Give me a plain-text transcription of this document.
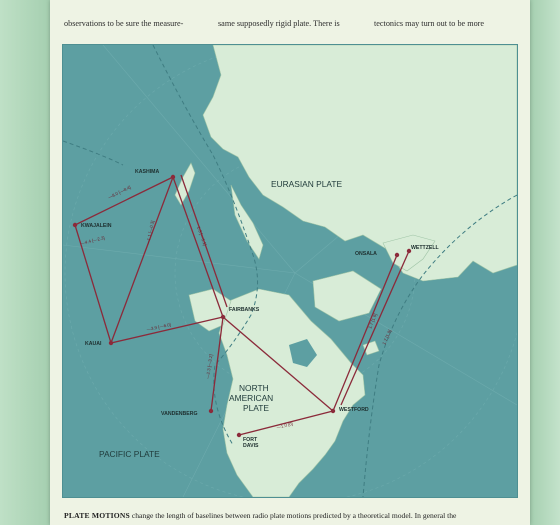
observations to be sure the measure-

	same supposedly rigid plate. There is

	tectonics may turn out to be more

EURASIAN PLATE
NORTH
AMERICAN
PLATE
PACIFIC PLATE
KASHIMA
KWAJALEIN
KAUAI
FAIRBANKS
VANDENBERG
FORT
DAVIS
WESTFORD
ONSALA
WETTZELL
—8.0 [—8.4]
—4.4 [—2.3]
—3.9 [—6.0]
—1.1 [—0.3]	1.3 [—1.1]
—2.3 [—3.2]
—1.0 [0]
1.7 [1.9]
1.7 [1.9]
PLATE MOTIONS change the length of baselines between radio plate motions predicted by a theoretical model. In general the
